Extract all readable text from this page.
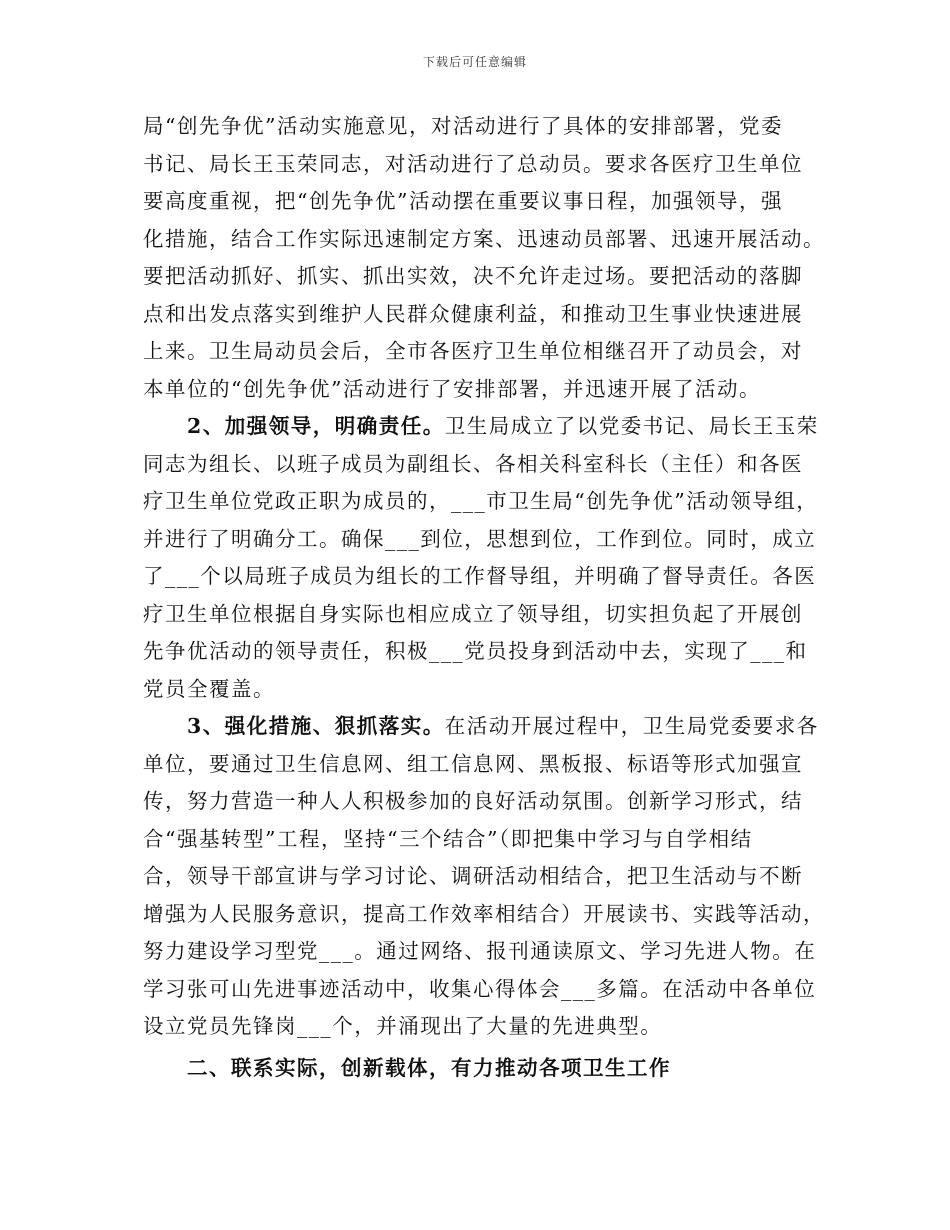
下载后可任意编辑
局“创先争优”活动实施意见，对活动进行了具体的安排部署，党委
书记、局长王玉荣同志，对活动进行了总动员。要求各医疗卫生单位
要高度重视，把“创先争优”活动摆在重要议事日程，加强领导，强
化措施，结合工作实际迅速制定方案、迅速动员部署、迅速开展活动。
要把活动抓好、抓实、抓出实效，决不允许走过场。要把活动的落脚
点和出发点落实到维护人民群众健康利益，和推动卫生事业快速进展
上来。卫生局动员会后，全市各医疗卫生单位相继召开了动员会，对
本单位的“创先争优”活动进行了安排部署，并迅速开展了活动。
2、加强领导，明确责任。卫生局成立了以党委书记、局长王玉荣
同志为组长、以班子成员为副组长、各相关科室科长（主任）和各医
疗卫生单位党政正职为成员的，___市卫生局“创先争优”活动领导组，
并进行了明确分工。确保___到位，思想到位，工作到位。同时，成立
了___个以局班子成员为组长的工作督导组，并明确了督导责任。各医
疗卫生单位根据自身实际也相应成立了领导组，切实担负起了开展创
先争优活动的领导责任，积极___党员投身到活动中去，实现了___和
党员全覆盖。
3、强化措施、狠抓落实。在活动开展过程中，卫生局党委要求各
单位，要通过卫生信息网、组工信息网、黑板报、标语等形式加强宣
传，努力营造一种人人积极参加的良好活动氛围。创新学习形式，结
合“强基转型”工程，坚持“三个结合”（即把集中学习与自学相结
合，领导干部宣讲与学习讨论、调研活动相结合，把卫生活动与不断
增强为人民服务意识，提高工作效率相结合）开展读书、实践等活动，
努力建设学习型党___。通过网络、报刊通读原文、学习先进人物。在
学习张可山先进事迹活动中，收集心得体会___多篇。在活动中各单位
设立党员先锋岗___个，并涌现出了大量的先进典型。
二、联系实际，创新载体，有力推动各项卫生工作
